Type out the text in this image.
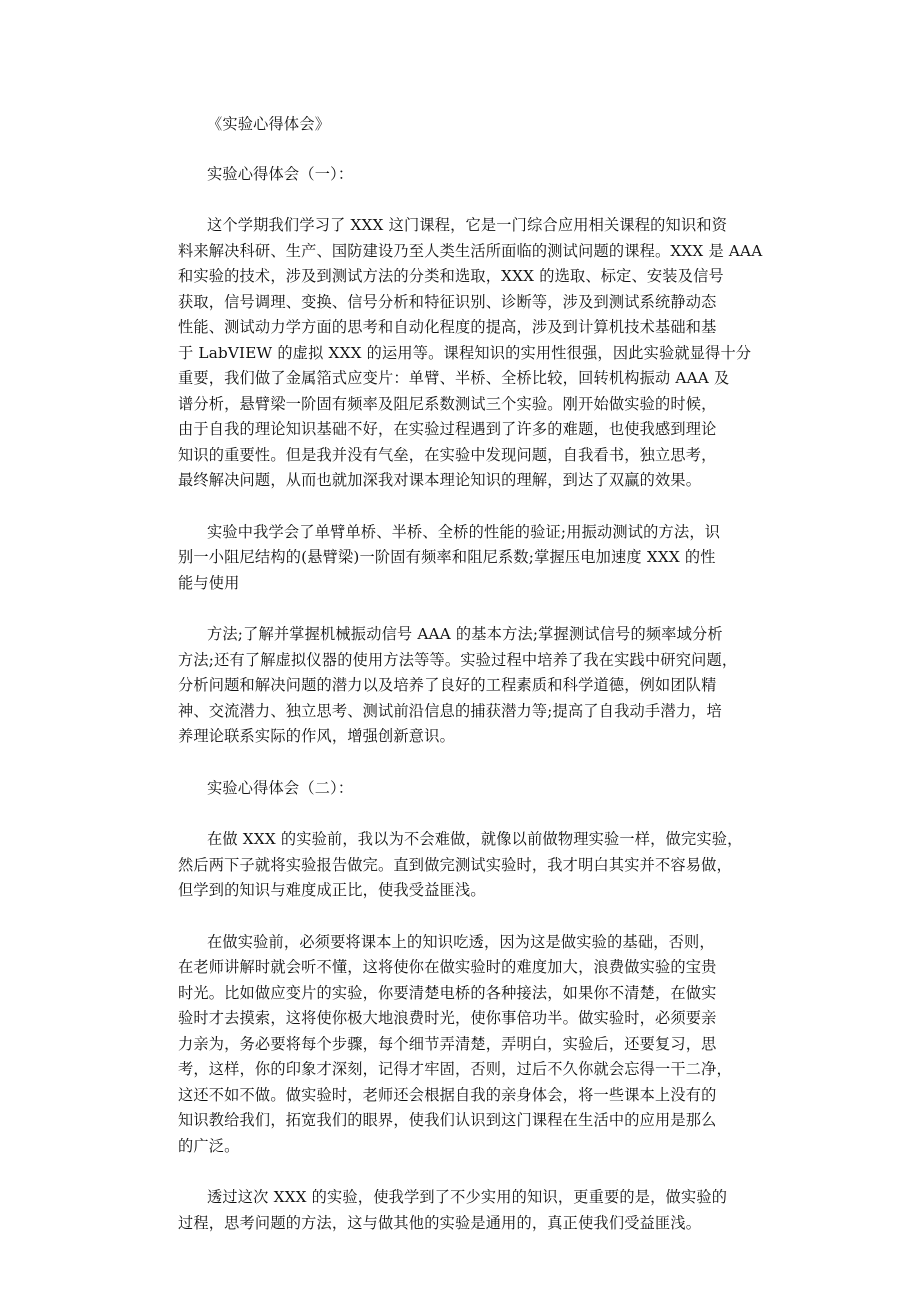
《实验心得体会》

实验心得体会（一）：

这个学期我们学习了 XXX 这门课程，它是一门综合应用相关课程的知识和资

料来解决科研、生产、国防建设乃至人类生活所面临的测试问题的课程。XXX 是 AAA

和实验的技术，涉及到测试方法的分类和选取，XXX 的选取、标定、安装及信号

获取，信号调理、变换、信号分析和特征识别、诊断等，涉及到测试系统静动态

性能、测试动力学方面的思考和自动化程度的提高，涉及到计算机技术基础和基

于 LabVIEW 的虚拟 XXX 的运用等。课程知识的实用性很强，因此实验就显得十分

重要，我们做了金属箔式应变片：单臂、半桥、全桥比较，回转机构振动 AAA 及

谱分析，悬臂梁一阶固有频率及阻尼系数测试三个实验。刚开始做实验的时候，

由于自我的理论知识基础不好，在实验过程遇到了许多的难题，也使我感到理论

知识的重要性。但是我并没有气垒，在实验中发现问题，自我看书，独立思考，

最终解决问题，从而也就加深我对课本理论知识的理解，到达了双赢的效果。

实验中我学会了单臂单桥、半桥、全桥的性能的验证;用振动测试的方法，识

别一小阻尼结构的(悬臂梁)一阶固有频率和阻尼系数;掌握压电加速度 XXX 的性

能与使用

方法;了解并掌握机械振动信号 AAA 的基本方法;掌握测试信号的频率域分析

方法;还有了解虚拟仪器的使用方法等等。实验过程中培养了我在实践中研究问题，

分析问题和解决问题的潜力以及培养了良好的工程素质和科学道德，例如团队精

神、交流潜力、独立思考、测试前沿信息的捕获潜力等;提高了自我动手潜力，培

养理论联系实际的作风，增强创新意识。

实验心得体会（二）：

在做 XXX 的实验前，我以为不会难做，就像以前做物理实验一样，做完实验，

然后两下子就将实验报告做完。直到做完测试实验时，我才明白其实并不容易做，

但学到的知识与难度成正比，使我受益匪浅。

在做实验前，必须要将课本上的知识吃透，因为这是做实验的基础，否则，

在老师讲解时就会听不懂，这将使你在做实验时的难度加大，浪费做实验的宝贵

时光。比如做应变片的实验，你要清楚电桥的各种接法，如果你不清楚，在做实

验时才去摸索，这将使你极大地浪费时光，使你事倍功半。做实验时，必须要亲

力亲为，务必要将每个步骤，每个细节弄清楚，弄明白，实验后，还要复习，思

考，这样，你的印象才深刻，记得才牢固，否则，过后不久你就会忘得一干二净，

这还不如不做。做实验时，老师还会根据自我的亲身体会，将一些课本上没有的

知识教给我们，拓宽我们的眼界，使我们认识到这门课程在生活中的应用是那么

的广泛。

透过这次 XXX 的实验，使我学到了不少实用的知识，更重要的是，做实验的

过程，思考问题的方法，这与做其他的实验是通用的，真正使我们受益匪浅。
